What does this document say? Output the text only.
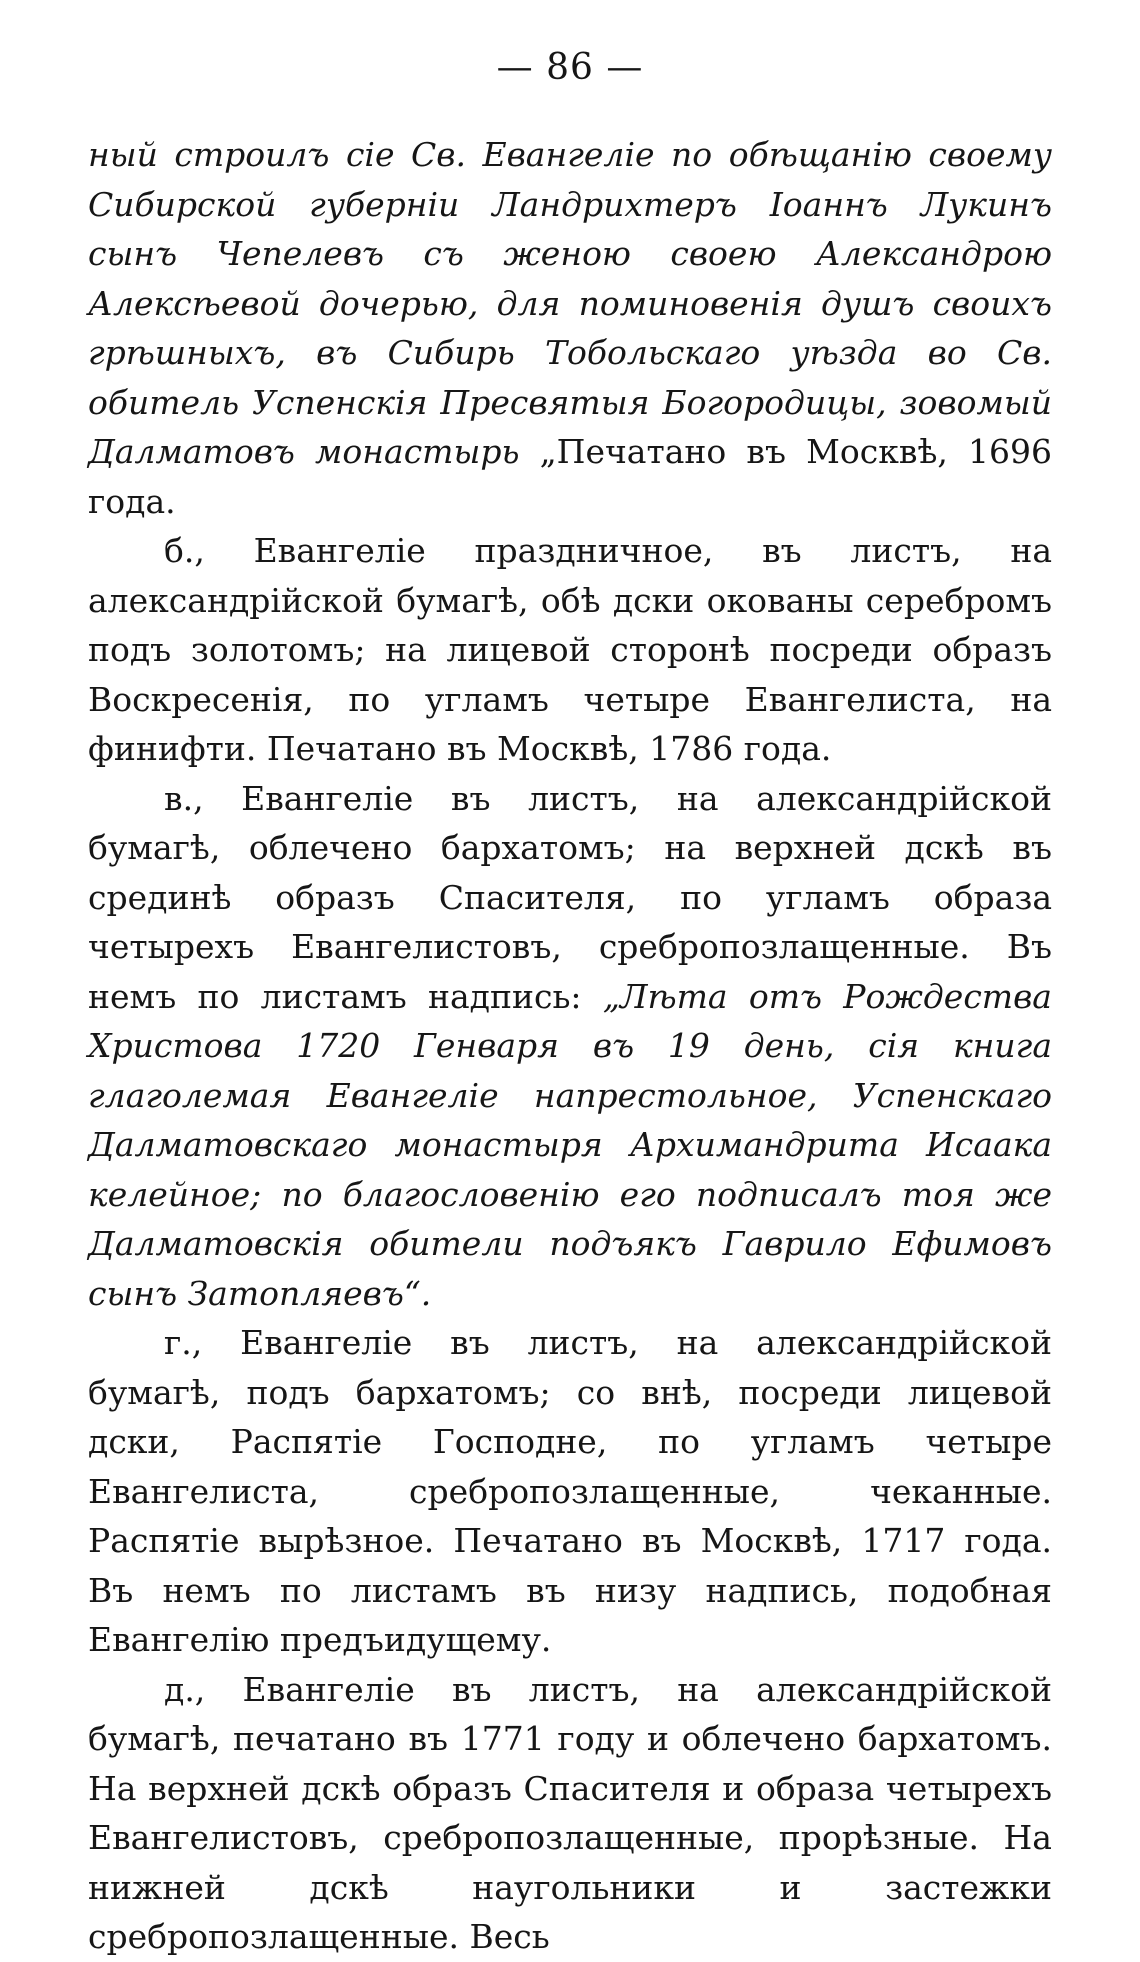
— 86 —

ный строилъ сіе Св. Евангеліе по обѣщанію своему Сибирской губерніи Ландрихтеръ Іоаннъ Лукинъ сынъ Чепелевъ съ женою своею Александрою Алексѣевой дочерью, для поминовенія душъ своихъ грѣшныхъ, въ Сибирь Тобольскаго уѣзда во Св. обитель Успенскія Пресвятыя Богородицы, зовомый Далматовъ монастырь „Печатано въ Москвѣ, 1696 года.

б., Евангеліе праздничное, въ листъ, на александрійской бумагѣ, обѣ дски окованы серебромъ подъ золотомъ; на лицевой сторонѣ посреди образъ Воскресенія, по угламъ четыре Евангелиста, на финифти. Печатано въ Москвѣ, 1786 года.

в., Евангеліе въ листъ, на александрійской бумагѣ, облечено бархатомъ; на верхней дскѣ въ срединѣ образъ Спасителя, по угламъ образа четырехъ Евангелистовъ, сребропозлащенные. Въ немъ по листамъ надпись: „Лѣта отъ Рождества Христова 1720 Генваря въ 19 день, сія книга глаголемая Евангеліе напрестольное, Успенскаго Далматовскаго монастыря Архимандрита Исаака келейное; по благословенію его подписалъ тоя же Далматовскія обители подъякъ Гаврило Ефимовъ сынъ Затопляевъ“.

г., Евангеліе въ листъ, на александрійской бумагѣ, подъ бархатомъ; со внѣ, посреди лицевой дски, Распятіе Господне, по угламъ четыре Евангелиста, сребропозлащенные, чеканные. Распятіе вырѣзное. Печатано въ Москвѣ, 1717 года. Въ немъ по листамъ въ низу надпись, подобная Евангелію предъидущему.

д., Евангеліе въ листъ, на александрійской бумагѣ, печатано въ 1771 году и облечено бархатомъ. На верхней дскѣ образъ Спасителя и образа четырехъ Евангелистовъ, сребропозлащенные, прорѣзные. На нижней дскѣ наугольники и застежки сребропозлащенные. Весь
